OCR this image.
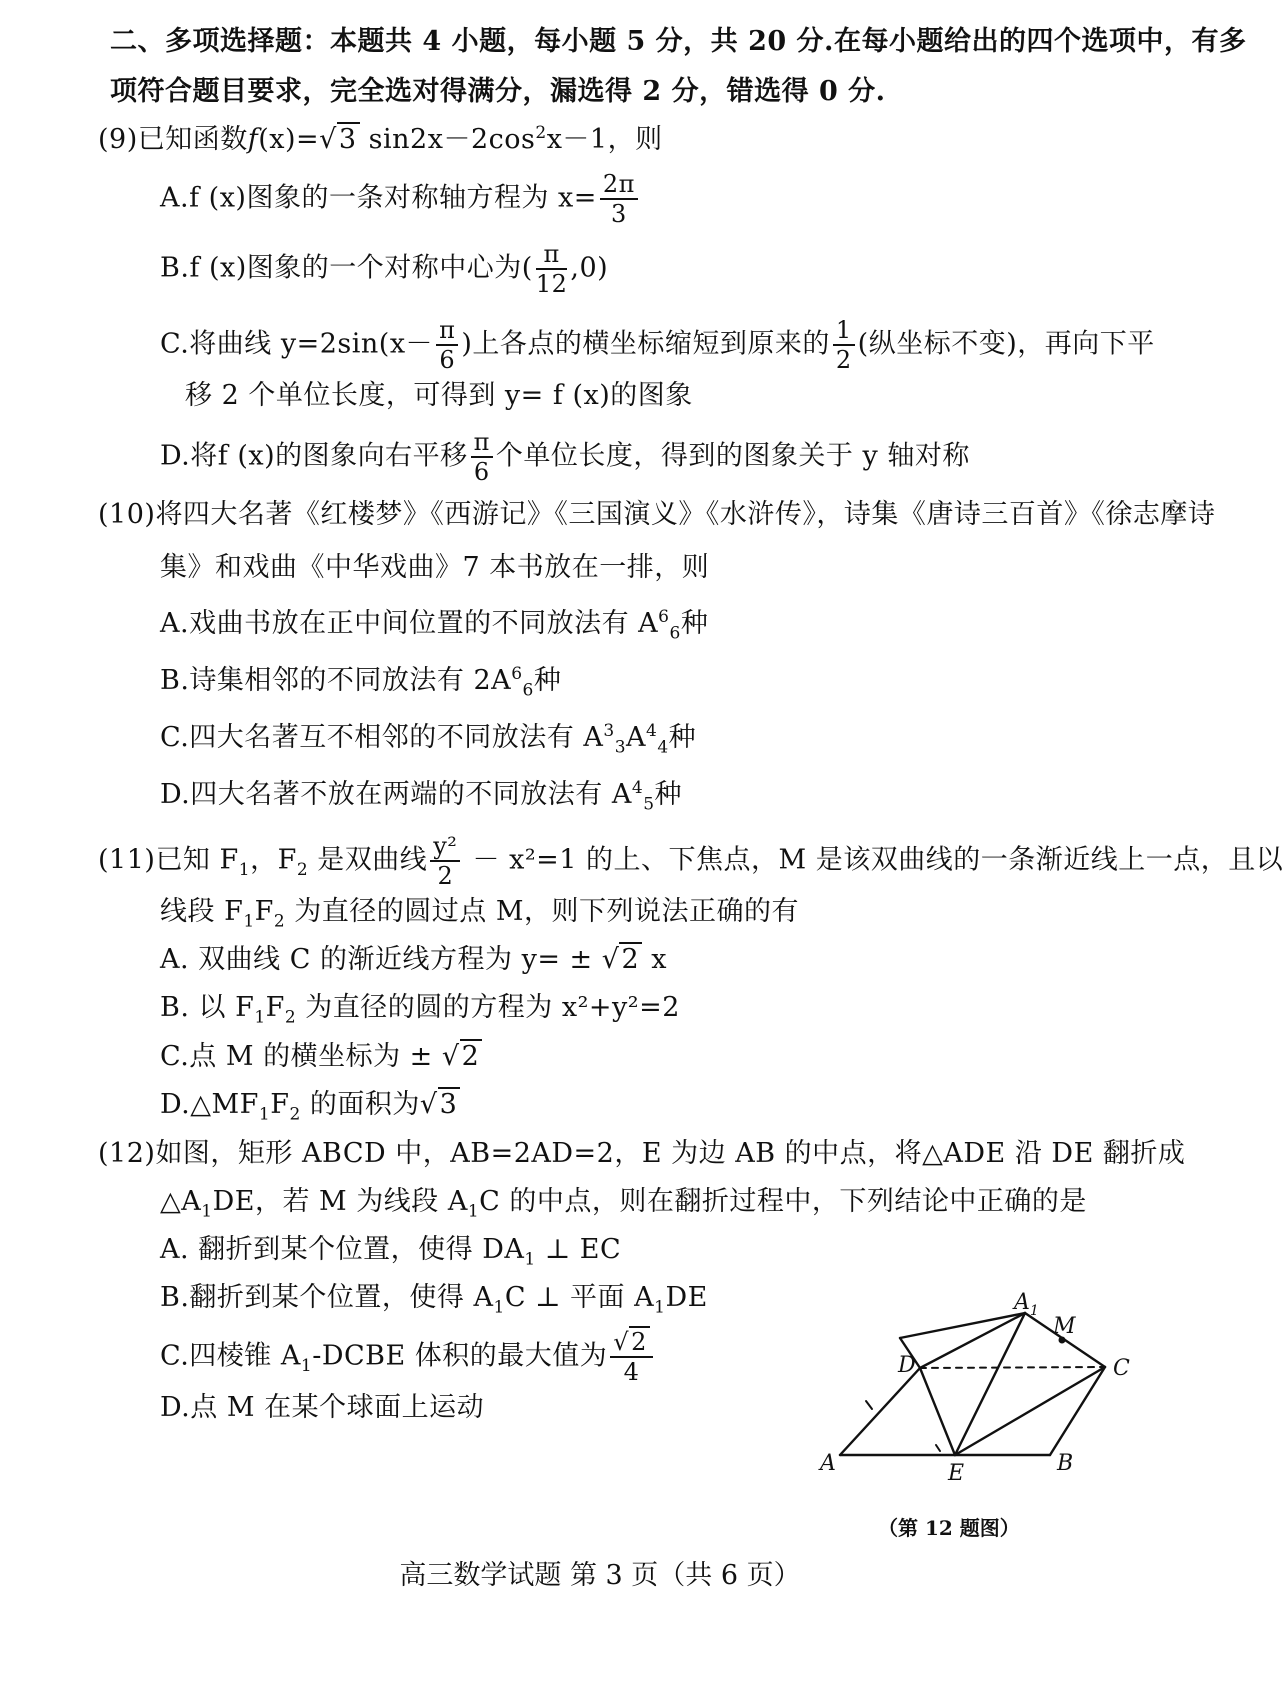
二、多项选择题：本题共 4 小题，每小题 5 分，共 20 分.在每小题给出的四个选项中，有多
项符合题目要求，完全选对得满分，漏选得 2 分，错选得 0 分.
(9)已知函数f(x)=√3 $\sin 2x-2\cos^2x-1$，则
A.f (x)图象的一条对称轴方程为 $x= \frac{2\pi}{3}$
B.f (x)图象的一个对称中心为( $\frac{\pi}{12} ,0$)
C.将曲线 $y=2\sin(x- \frac{\pi}{6}$ )上各点的横坐标缩短到原来的 $\frac{1}{2}$ (纵坐标不变)，再向下平
移 2 个单位长度，可得到 y= f (x)的图象
D.将f (x)的图象向右平移 $\frac{\pi}{6}$ 个单位长度，得到的图象关于 y 轴对称
(10)将四大名著《红楼梦》《西游记》《三国演义》《水浒传》，诗集《唐诗三百首》《徐志摩诗
集》和戏曲《中华戏曲》7 本书放在一排，则
A.戏曲书放在正中间位置的不同放法有 $A^6_6$种
B.诗集相邻的不同放法有 $2A^6_6$种
C.四大名著互不相邻的不同放法有 $A^3_3A^4_4$种
D.四大名著不放在两端的不同放法有 $A^4_5$种
(11)已知 $F_1$，$F_2$ 是双曲线 $\frac{\text{y²}}{2} - x^2=1$ 的上、下焦点，M 是该双曲线的一条渐近线上一点，且以
线段 $F_1F_2$ 为直径的圆过点 M，则下列说法正确的有
A. 双曲线 C 的渐近线方程为 y= ± √2 x
B. 以 $F_1F_2$ 为直径的圆的方程为 x²+y²=2
C.点 M 的横坐标为 ± √2
$D.\triangle MF_1F_2$ 的面积为√3
(12)如图，矩形 ABCD 中，AB=2AD=2，E 为边 AB 的中点，将△ADE 沿 DE 翻折成
$\triangle A_1DE$，若 M 为线段 $A_1C$ 的中点，则在翻折过程中，下列结论中正确的是
A. 翻折到某个位置，使得 $DA_1$ ⊥ EC
B.翻折到某个位置，使得 $A_1C$ ⊥ 平面 $A_1DE$
C.四棱锥 $A_1$-DCBE 体积的最大值为 $\frac{√2}{4}$
D.点 M 在某个球面上运动
$A_1$
M
D	C
A	E	B
（第 12 题图）
高三数学试题 第 3 页（共 6 页）
